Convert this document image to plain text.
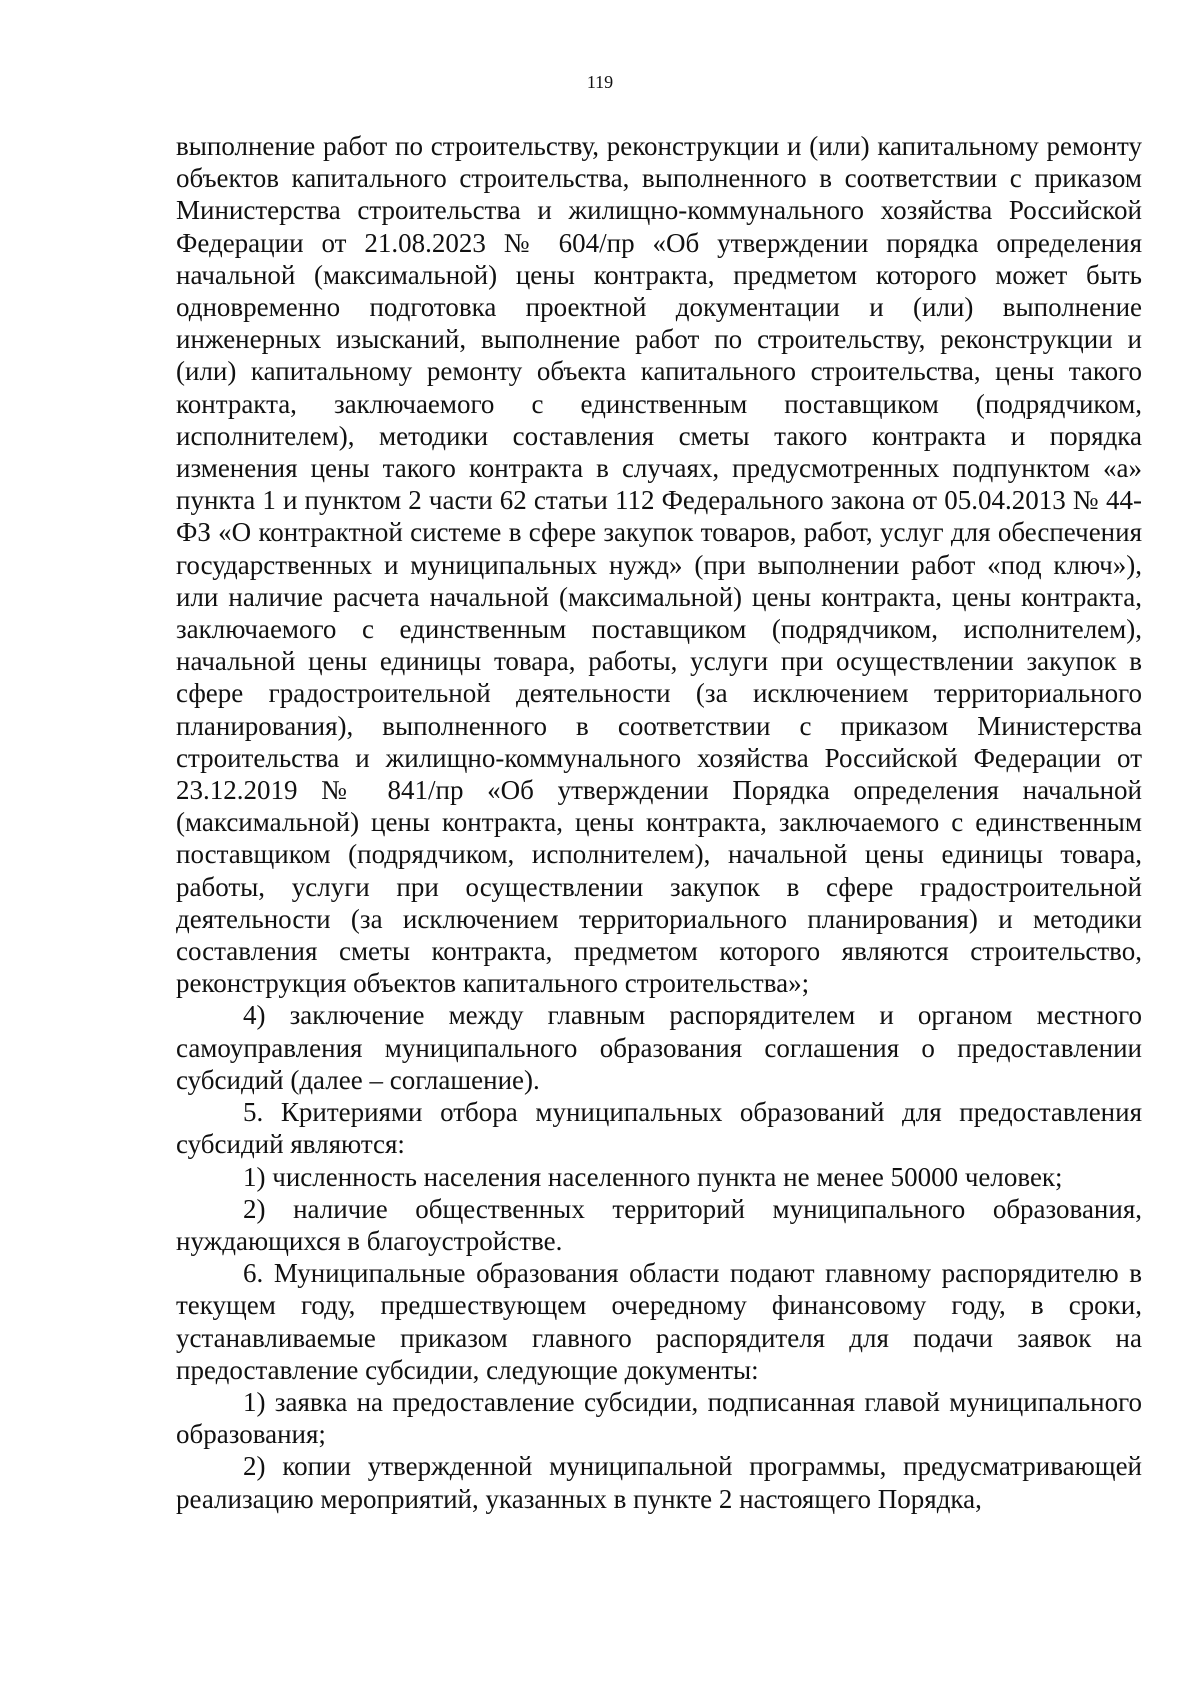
119

выполнение работ по строительству, реконструкции и (или) капитальному ремонту объектов капитального строительства, выполненного в соответствии с приказом Министерства строительства и жилищно-коммунального хозяйства Российской Федерации от 21.08.2023 № 604/пр «Об утверждении порядка определения начальной (максимальной) цены контракта, предметом которого может быть одновременно подготовка проектной документации и (или) выполнение инженерных изысканий, выполнение работ по строительству, реконструкции и (или) капитальному ремонту объекта капитального строительства, цены такого контракта, заключаемого с единственным поставщиком (подрядчиком, исполнителем), методики составления сметы такого контракта и порядка изменения цены такого контракта в случаях, предусмотренных подпунктом «а» пункта 1 и пунктом 2 части 62 статьи 112 Федерального закона от 05.04.2013 № 44-ФЗ «О контрактной системе в сфере закупок товаров, работ, услуг для обеспечения государственных и муниципальных нужд» (при выполнении работ «под ключ»), или наличие расчета начальной (максимальной) цены контракта, цены контракта, заключаемого с единственным поставщиком (подрядчиком, исполнителем), начальной цены единицы товара, работы, услуги при осуществлении закупок в сфере градостроительной деятельности (за исключением территориального планирования), выполненного в соответствии с приказом Министерства строительства и жилищно-коммунального хозяйства Российской Федерации от 23.12.2019 № 841/пр «Об утверждении Порядка определения начальной (максимальной) цены контракта, цены контракта, заключаемого с единственным поставщиком (подрядчиком, исполнителем), начальной цены единицы товара, работы, услуги при осуществлении закупок в сфере градостроительной деятельности (за исключением территориального планирования) и методики составления сметы контракта, предметом которого являются строительство, реконструкция объектов капитального строительства»;

4) заключение между главным распорядителем и органом местного самоуправления муниципального образования соглашения о предоставлении субсидий (далее – соглашение).

5. Критериями отбора муниципальных образований для предоставления субсидий являются:

1) численность населения населенного пункта не менее 50000 человек;

2) наличие общественных территорий муниципального образования, нуждающихся в благоустройстве.

6. Муниципальные образования области подают главному распорядителю в текущем году, предшествующем очередному финансовому году, в сроки, устанавливаемые приказом главного распорядителя для подачи заявок на предоставление субсидии, следующие документы:

1) заявка на предоставление субсидии, подписанная главой муниципального образования;

2) копии утвержденной муниципальной программы, предусматривающей реализацию мероприятий, указанных в пункте 2 настоящего Порядка,
